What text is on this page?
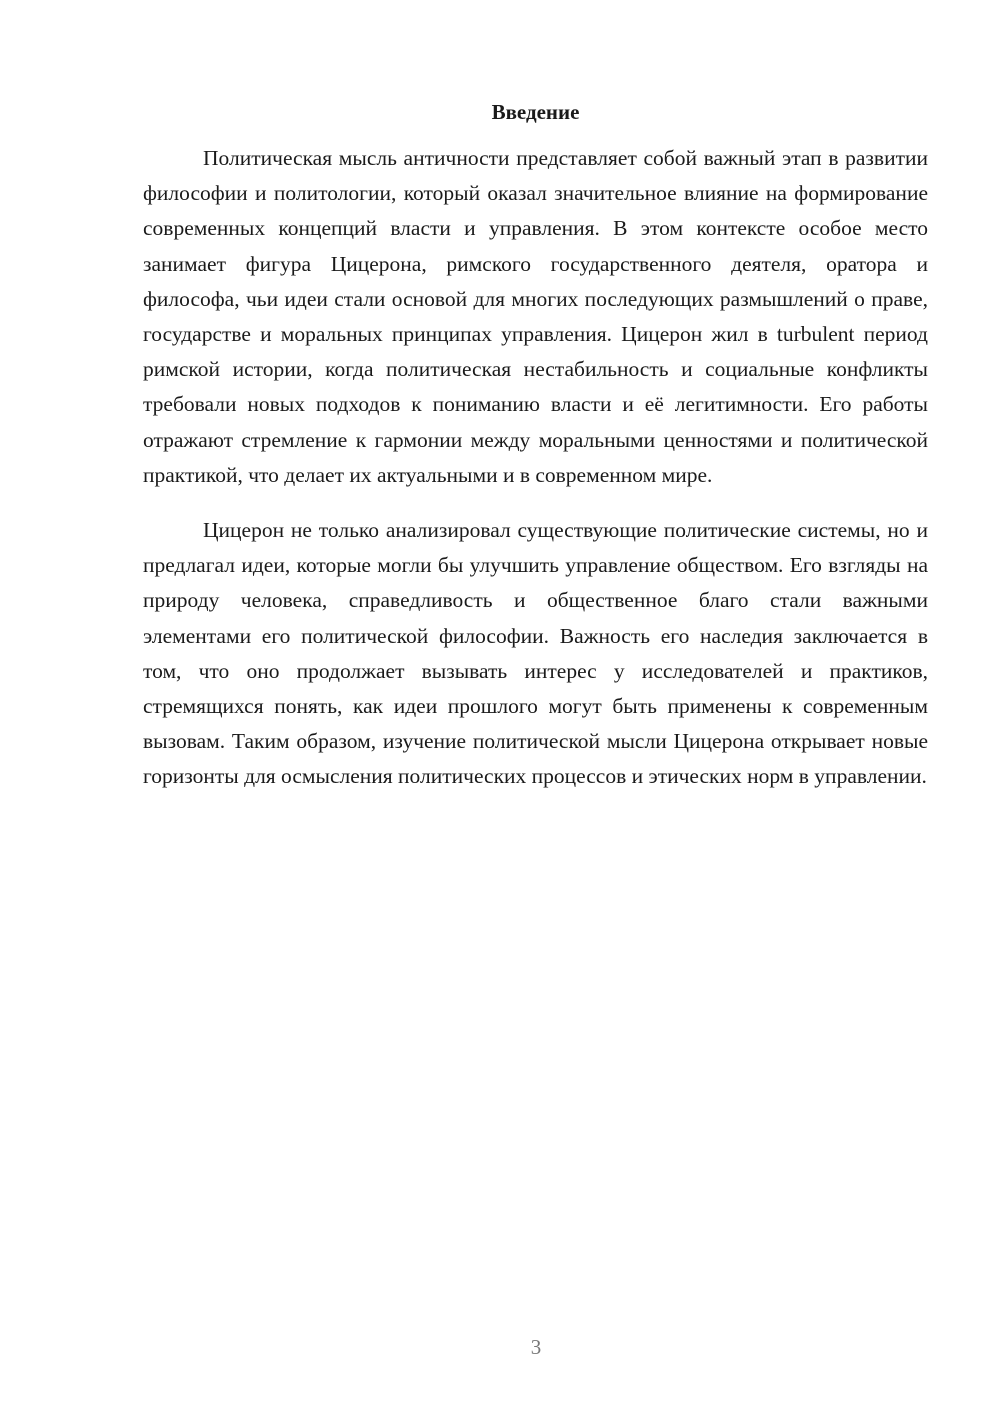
Введение

Политическая мысль античности представляет собой важный этап в развитии философии и политологии, который оказал значительное влияние на формирование современных концепций власти и управления. В этом контексте особое место занимает фигура Цицерона, римского государственного деятеля, оратора и философа, чьи идеи стали основой для многих последующих размышлений о праве, государстве и моральных принципах управления. Цицерон жил в turbulent период римской истории, когда политическая нестабильность и социальные конфликты требовали новых подходов к пониманию власти и её легитимности. Его работы отражают стремление к гармонии между моральными ценностями и политической практикой, что делает их актуальными и в современном мире.

Цицерон не только анализировал существующие политические системы, но и предлагал идеи, которые могли бы улучшить управление обществом. Его взгляды на природу человека, справедливость и общественное благо стали важными элементами его политической философии. Важность его наследия заключается в том, что оно продолжает вызывать интерес у исследователей и практиков, стремящихся понять, как идеи прошлого могут быть применены к современным вызовам. Таким образом, изучение политической мысли Цицерона открывает новые горизонты для осмысления политических процессов и этических норм в управлении.

3
